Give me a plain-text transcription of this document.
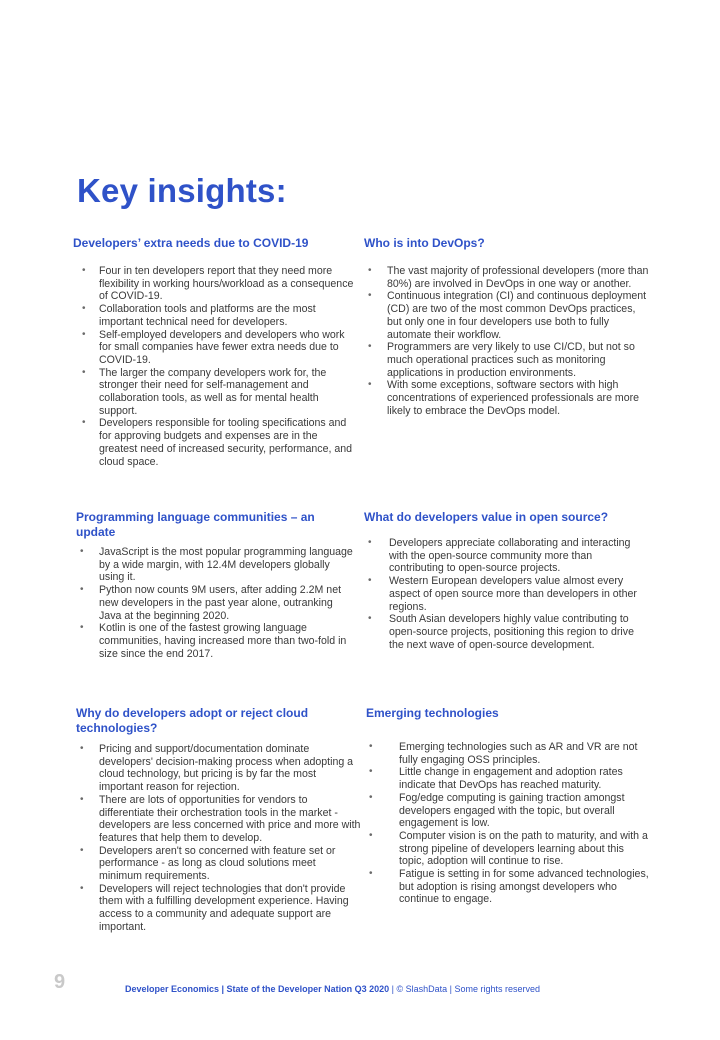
Key insights:
Developers’ extra needs due to COVID-19
• Four in ten developers report that they need more flexibility in working hours/workload as a consequence of COVID-19.
• Collaboration tools and platforms are the most important technical need for developers.
• Self-employed developers and developers who work for small companies have fewer extra needs due to COVID-19.
• The larger the company developers work for, the stronger their need for self-management and collaboration tools, as well as for mental health support.
• Developers responsible for tooling specifications and for approving budgets and expenses are in the greatest need of increased security, performance, and cloud space.
Who is into DevOps?
• The vast majority of professional developers (more than 80%) are involved in DevOps in one way or another.
• Continuous integration (CI) and continuous deployment (CD) are two of the most common DevOps practices, but only one in four developers use both to fully automate their workflow.
• Programmers are very likely to use CI/CD, but not so much operational practices such as monitoring applications in production environments.
• With some exceptions, software sectors with high concentrations of experienced professionals are more likely to embrace the DevOps model.
Programming language communities – an update
• JavaScript is the most popular programming language by a wide margin, with 12.4M developers globally using it.
• Python now counts 9M users, after adding 2.2M net new developers in the past year alone, outranking Java at the beginning 2020.
• Kotlin is one of the fastest growing language communities, having increased more than two-fold in size since the end 2017.
What do developers value in open source?
• Developers appreciate collaborating and interacting with the open-source community more than contributing to open-source projects.
• Western European developers value almost every aspect of open source more than developers in other regions.
• South Asian developers highly value contributing to open-source projects, positioning this region to drive the next wave of open-source development.
Why do developers adopt or reject cloud technologies?
• Pricing and support/documentation dominate developers' decision-making process when adopting a cloud technology, but pricing is by far the most important reason for rejection.
• There are lots of opportunities for vendors to differentiate their orchestration tools in the market - developers are less concerned with price and more with features that help them to develop.
• Developers aren't so concerned with feature set or performance - as long as cloud solutions meet minimum requirements.
• Developers will reject technologies that don't provide them with a fulfilling development experience. Having access to a community and adequate support are important.
Emerging technologies
• Emerging technologies such as AR and VR are not fully engaging OSS principles.
• Little change in engagement and adoption rates indicate that DevOps has reached maturity.
• Fog/edge computing is gaining traction amongst developers engaged with the topic, but overall engagement is low.
• Computer vision is on the path to maturity, and with a strong pipeline of developers learning about this topic, adoption will continue to rise.
• Fatigue is setting in for some advanced technologies, but adoption is rising amongst developers who continue to engage.
9	Developer Economics | State of the Developer Nation Q3 2020 | © SlashData | Some rights reserved
